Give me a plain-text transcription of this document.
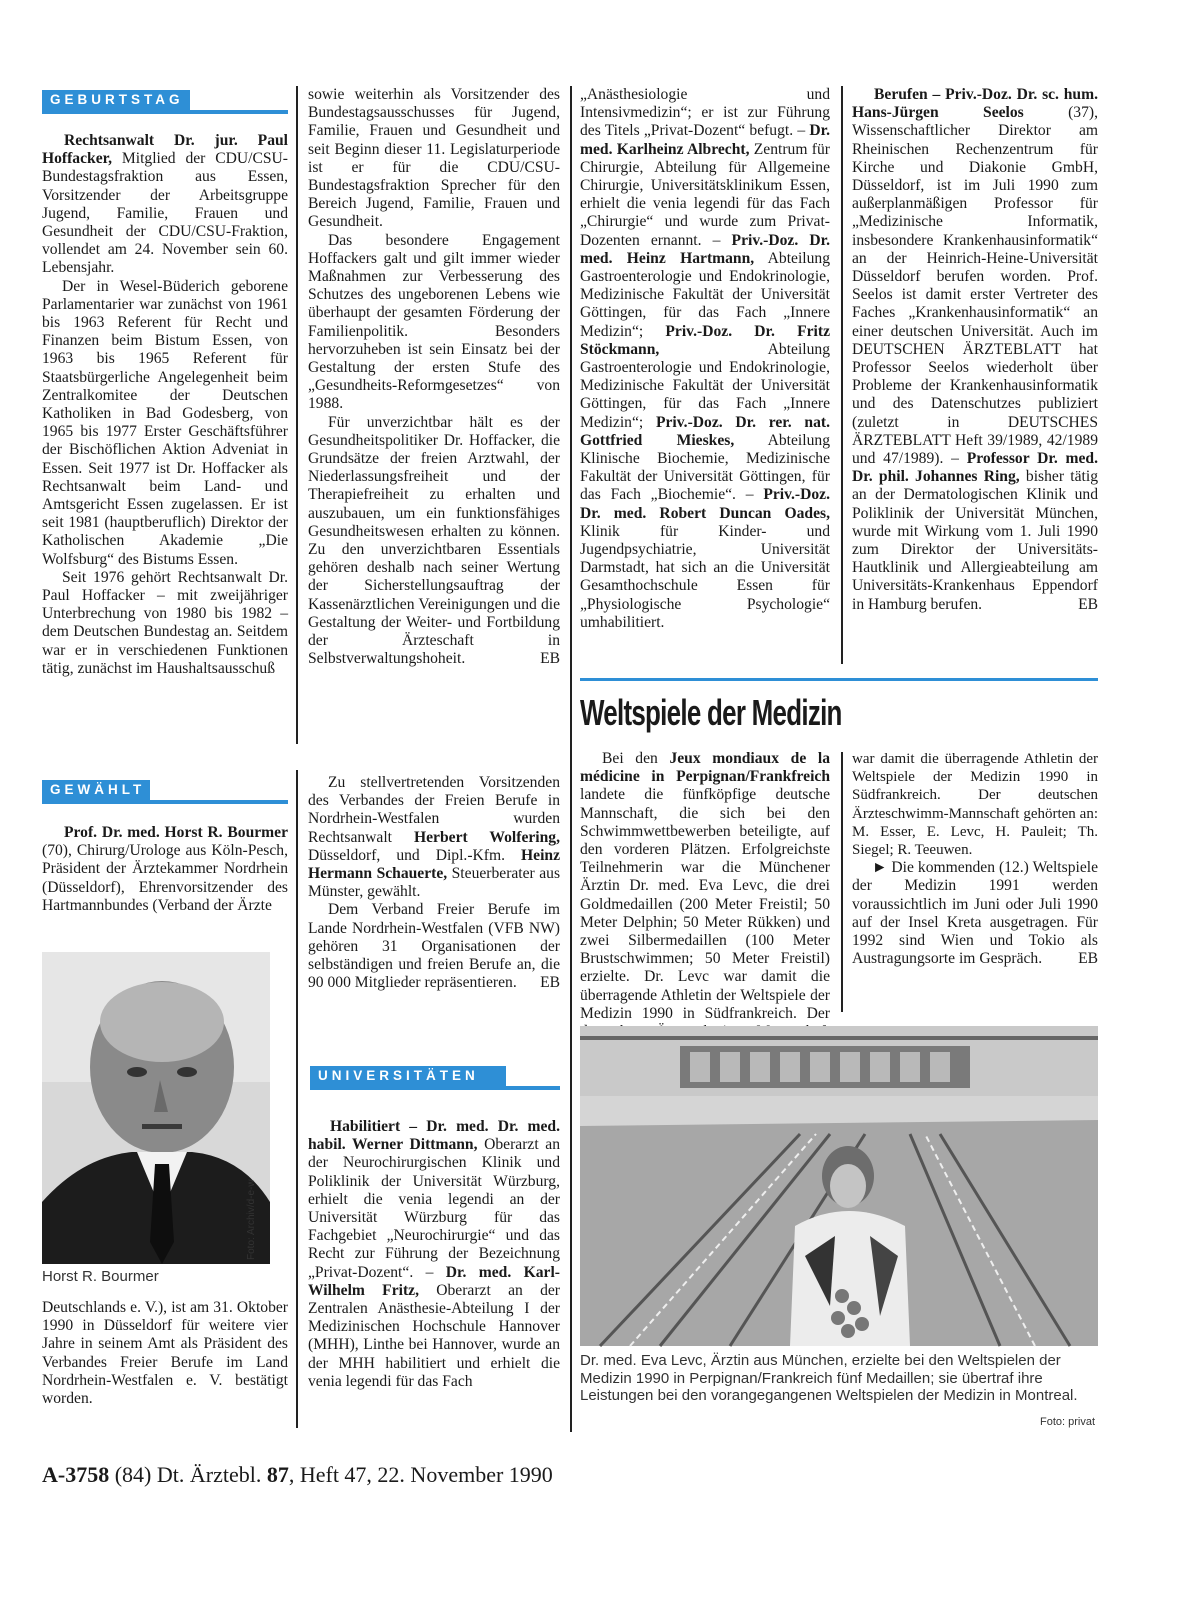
GEBURTSTAG

Rechtsanwalt Dr. jur. Paul Hoffacker, Mitglied der CDU/CSU-Bundestagsfraktion aus Essen, Vorsitzender der Arbeitsgruppe Jugend, Familie, Frauen und Gesundheit der CDU/CSU-Fraktion, vollendet am 24. November sein 60. Lebensjahr.

Der in Wesel-Büderich geborene Parlamentarier war zunächst von 1961 bis 1963 Referent für Recht und Finanzen beim Bistum Essen, von 1963 bis 1965 Referent für Staatsbürgerliche Angelegenheit beim Zentralkomitee der Deutschen Katholiken in Bad Godesberg, von 1965 bis 1977 Erster Geschäftsführer der Bischöflichen Aktion Adveniat in Essen. Seit 1977 ist Dr. Hoffacker als Rechtsanwalt beim Land- und Amtsgericht Essen zugelassen. Er ist seit 1981 (hauptberuflich) Direktor der Katholischen Akademie „Die Wolfsburg“ des Bistums Essen.

Seit 1976 gehört Rechtsanwalt Dr. Paul Hoffacker – mit zweijähriger Unterbrechung von 1980 bis 1982 – dem Deutschen Bundestag an. Seitdem war er in verschiedenen Funktionen tätig, zunächst im Haushaltsausschuß

sowie weiterhin als Vorsitzender des Bundestagsausschusses für Jugend, Familie, Frauen und Gesundheit und seit Beginn dieser 11. Legislaturperiode ist er für die CDU/CSU-Bundestagsfraktion Sprecher für den Bereich Jugend, Familie, Frauen und Gesundheit.

Das besondere Engagement Hoffackers galt und gilt immer wieder Maßnahmen zur Verbesserung des Schutzes des ungeborenen Lebens wie überhaupt der gesamten Förderung der Familienpolitik. Besonders hervorzuheben ist sein Einsatz bei der Gestaltung der ersten Stufe des „Gesundheits-Reformgesetzes“ von 1988.

Für unverzichtbar hält es der Gesundheitspolitiker Dr. Hoffacker, die Grundsätze der freien Arztwahl, der Niederlassungsfreiheit und der Therapiefreiheit zu erhalten und auszubauen, um ein funktionsfähiges Gesundheitswesen erhalten zu können. Zu den unverzichtbaren Essentials gehören deshalb nach seiner Wertung der Sicherstellungsauftrag der Kassenärztlichen Vereinigungen und die Gestaltung der Weiter- und Fortbildung der Ärzteschaft in Selbstverwaltungshoheit.	EB

„Anästhesiologie und Intensivmedizin“; er ist zur Führung des Titels „Privat-Dozent“ befugt. – Dr. med. Karlheinz Albrecht, Zentrum für Chirurgie, Abteilung für Allgemeine Chirurgie, Universitätsklinikum Essen, erhielt die venia legendi für das Fach „Chirurgie“ und wurde zum Privat-Dozenten ernannt. – Priv.-Doz. Dr. med. Heinz Hartmann, Abteilung Gastroenterologie und Endokrinologie, Medizinische Fakultät der Universität Göttingen, für das Fach „Innere Medizin“; Priv.-Doz. Dr. Fritz Stöckmann, Abteilung Gastroenterologie und Endokrinologie, Medizinische Fakultät der Universität Göttingen, für das Fach „Innere Medizin“; Priv.-Doz. Dr. rer. nat. Gottfried Mieskes, Abteilung Klinische Biochemie, Medizinische Fakultät der Universität Göttingen, für das Fach „Biochemie“. – Priv.-Doz. Dr. med. Robert Duncan Oades, Klinik für Kinder- und Jugendpsychiatrie, Universität Darmstadt, hat sich an die Universität Gesamthochschule Essen für „Physiologische Psychologie“ umhabilitiert.

Berufen – Priv.-Doz. Dr. sc. hum. Hans-Jürgen Seelos (37), Wissenschaftlicher Direktor am Rheinischen Rechenzentrum für Kirche und Diakonie GmbH, Düsseldorf, ist im Juli 1990 zum außerplanmäßigen Professor für „Medizinische Informatik, insbesondere Krankenhausinformatik“ an der Heinrich-Heine-Universität Düsseldorf berufen worden. Prof. Seelos ist damit erster Vertreter des Faches „Krankenhausinformatik“ an einer deutschen Universität. Auch im DEUTSCHEN ÄRZTEBLATT hat Professor Seelos wiederholt über Probleme der Krankenhausinformatik und des Datenschutzes publiziert (zuletzt in DEUTSCHES ÄRZTEBLATT Heft 39/1989, 42/1989 und 47/1989). – Professor Dr. med. Dr. phil. Johannes Ring, bisher tätig an der Dermatologischen Klinik und Poliklinik der Universität München, wurde mit Wirkung vom 1. Juli 1990 zum Direktor der Universitäts-Hautklinik und Allergieabteilung am Universitäts-Krankenhaus Eppendorf in Hamburg berufen.	EB

Weltspiele der Medizin
GEWÄHLT

Prof. Dr. med. Horst R. Bourmer (70), Chirurg/Urologe aus Köln-Pesch, Präsident der Ärztekammer Nordrhein (Düsseldorf), Ehrenvorsitzender des Hartmannbundes (Verband der Ärzte

Foto: Archiv/d-e-w
Horst R. Bourmer

Deutschlands e. V.), ist am 31. Oktober 1990 in Düsseldorf für weitere vier Jahre in seinem Amt als Präsident des Verbandes Freier Berufe im Land Nordrhein-Westfalen e. V. bestätigt worden.

Zu stellvertretenden Vorsitzenden des Verbandes der Freien Berufe in Nordrhein-Westfalen wurden Rechtsanwalt Herbert Wolfering, Düsseldorf, und Dipl.-Kfm. Heinz Hermann Schauerte, Steuerberater aus Münster, gewählt.

Dem Verband Freier Berufe im Lande Nordrhein-Westfalen (VFB NW) gehören 31 Organisationen der selbständigen und freien Berufe an, die 90 000 Mitglieder repräsentieren.	EB

UNIVERSITÄTEN

Habilitiert – Dr. med. Dr. med. habil. Werner Dittmann, Oberarzt an der Neurochirurgischen Klinik und Poliklinik der Universität Würzburg, erhielt die venia legendi an der Universität Würzburg für das Fachgebiet „Neurochirurgie“ und das Recht zur Führung der Bezeichnung „Privat-Dozent“. – Dr. med. Karl-Wilhelm Fritz, Oberarzt an der Zentralen Anästhesie-Abteilung I der Medizinischen Hochschule Hannover (MHH), Linthe bei Hannover, wurde an der MHH habilitiert und erhielt die venia legendi für das Fach

Bei den Jeux mondiaux de la médicine in Perpignan/Frankfreich landete die fünfköpfige deutsche Mannschaft, die sich bei den Schwimmwettbewerben beteiligte, auf den vorderen Plätzen. Erfolgreichste Teilnehmerin war die Münchener Ärztin Dr. med. Eva Levc, die drei Goldmedaillen (200 Meter Freistil; 50 Meter Delphin; 50 Meter Rükken) und zwei Silbermedaillen (100 Meter Brustschwimmen; 50 Meter Freistil) erzielte. Dr. Levc war damit die überragende Athletin der Weltspiele der Medizin 1990 in Südfrankreich. Der

war damit die überragende Athletin der Weltspiele der Medizin 1990 in Südfrankreich. Der deutschen Ärzteschwimm-Mannschaft gehörten an: M. Esser, E. Levc, H. Pauleit; Th. Siegel; R. Teeuwen.

► Die kommenden (12.) Weltspiele der Medizin 1991 werden voraussichtlich im Juni oder Juli 1990 auf der Insel Kreta ausgetragen. Für 1992 sind Wien und Tokio als Austragungsorte im Gespräch.	EB

Dr. med. Eva Levc, Ärztin aus München, erzielte bei den Weltspielen der Medizin 1990 in Perpignan/Frankreich fünf Medaillen; sie übertraf ihre Leistungen bei den vorangegangenen Weltspielen der Medizin in Montreal.
Foto: privat
A-3758 (84) Dt. Ärztebl. 87, Heft 47, 22. November 1990
